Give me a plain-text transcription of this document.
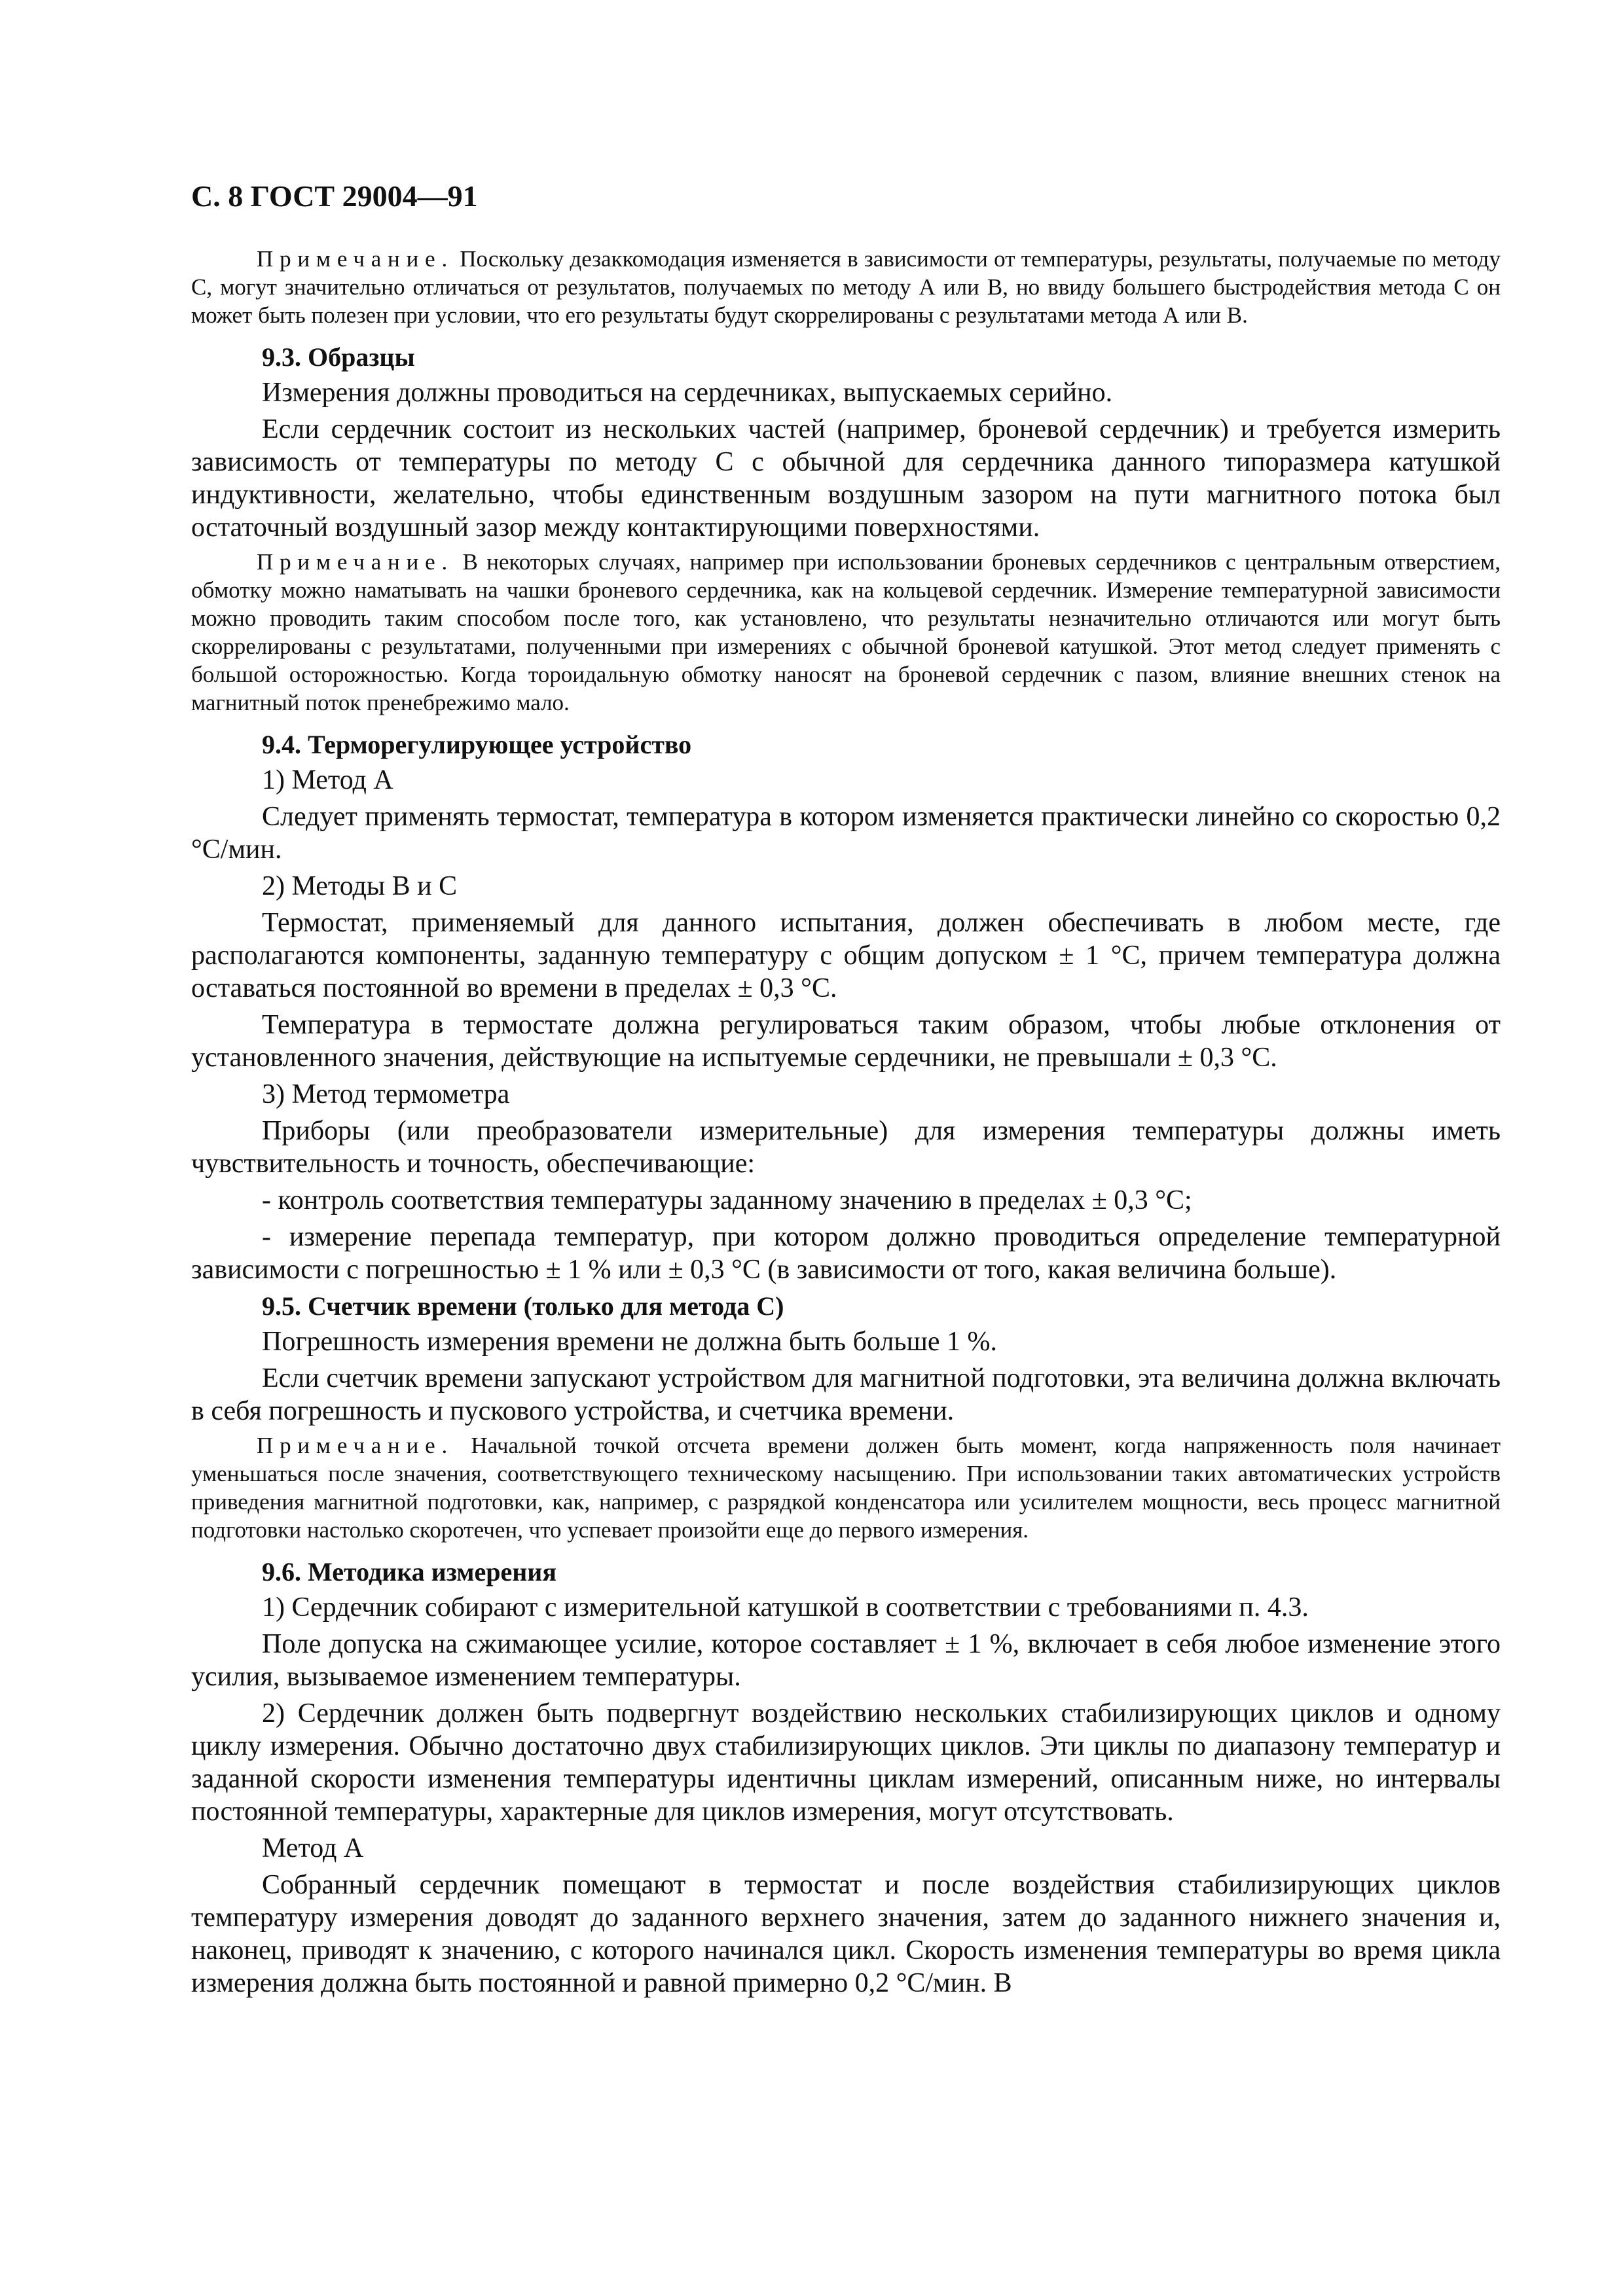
С. 8 ГОСТ 29004—91

Примечание. Поскольку дезаккомодация изменяется в зависимости от температуры, результаты, получаемые по методу С, могут значительно отличаться от результатов, получаемых по методу А или В, но ввиду большего быстродействия метода С он может быть полезен при условии, что его результаты будут скоррелированы с результатами метода А или В.

9.3. Образцы

Измерения должны проводиться на сердечниках, выпускаемых серийно.

Если сердечник состоит из нескольких частей (например, броневой сердечник) и требуется измерить зависимость от температуры по методу С с обычной для сердечника данного типоразмера катушкой индуктивности, желательно, чтобы единственным воздушным зазором на пути магнитного потока был остаточный воздушный зазор между контактирующими поверхностями.

Примечание. В некоторых случаях, например при использовании броневых сердечников с центральным отверстием, обмотку можно наматывать на чашки броневого сердечника, как на кольцевой сердечник. Измерение температурной зависимости можно проводить таким способом после того, как установлено, что результаты незначительно отличаются или могут быть скоррелированы с результатами, полученными при измерениях с обычной броневой катушкой. Этот метод следует применять с большой осторожностью. Когда тороидальную обмотку наносят на броневой сердечник с пазом, влияние внешних стенок на магнитный поток пренебрежимо мало.

9.4. Терморегулирующее устройство

1) Метод А

Следует применять термостат, температура в котором изменяется практически линейно со скоростью 0,2 °С/мин.

2) Методы В и С

Термостат, применяемый для данного испытания, должен обеспечивать в любом месте, где располагаются компоненты, заданную температуру с общим допуском ± 1 °С, причем температура должна оставаться постоянной во времени в пределах ± 0,3 °С.

Температура в термостате должна регулироваться таким образом, чтобы любые отклонения от установленного значения, действующие на испытуемые сердечники, не превышали ± 0,3 °С.

3) Метод термометра

Приборы (или преобразователи измерительные) для измерения температуры должны иметь чувствительность и точность, обеспечивающие:

- контроль соответствия температуры заданному значению в пределах ± 0,3 °С;

- измерение перепада температур, при котором должно проводиться определение температурной зависимости с погрешностью ± 1 % или ± 0,3 °С (в зависимости от того, какая величина больше).

9.5. Счетчик времени (только для метода С)

Погрешность измерения времени не должна быть больше 1 %.

Если счетчик времени запускают устройством для магнитной подготовки, эта величина должна включать в себя погрешность и пускового устройства, и счетчика времени.

Примечание. Начальной точкой отсчета времени должен быть момент, когда напряженность поля начинает уменьшаться после значения, соответствующего техническому насыщению. При использовании таких автоматических устройств приведения магнитной подготовки, как, например, с разрядкой конденсатора или усилителем мощности, весь процесс магнитной подготовки настолько скоротечен, что успевает произойти еще до первого измерения.

9.6. Методика измерения

1) Сердечник собирают с измерительной катушкой в соответствии с требованиями п. 4.3.

Поле допуска на сжимающее усилие, которое составляет ± 1 %, включает в себя любое изменение этого усилия, вызываемое изменением температуры.

2) Сердечник должен быть подвергнут воздействию нескольких стабилизирующих циклов и одному циклу измерения. Обычно достаточно двух стабилизирующих циклов. Эти циклы по диапазону температур и заданной скорости изменения температуры идентичны циклам измерений, описанным ниже, но интервалы постоянной температуры, характерные для циклов измерения, могут отсутствовать.

Метод А

Собранный сердечник помещают в термостат и после воздействия стабилизирующих циклов температуру измерения доводят до заданного верхнего значения, затем до заданного нижнего значения и, наконец, приводят к значению, с которого начинался цикл. Скорость изменения температуры во время цикла измерения должна быть постоянной и равной примерно 0,2 °С/мин. В
